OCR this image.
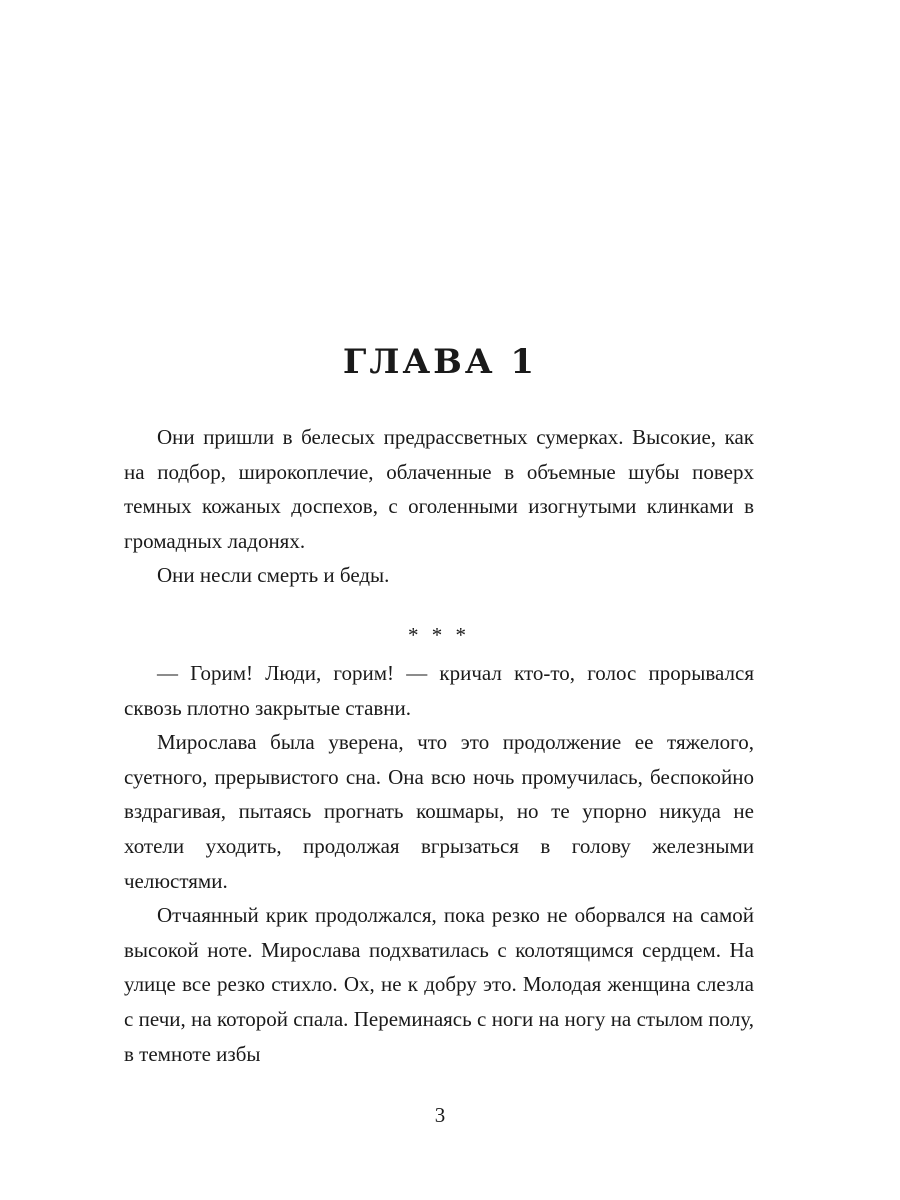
ГЛАВА 1

Они пришли в белесых предрассветных сумерках. Высокие, как на подбор, широкоплечие, облаченные в объемные шубы поверх темных кожаных доспехов, с оголенными изогнутыми клинками в громадных ладонях.

Они несли смерть и беды.

* * *

— Горим! Люди, горим! — кричал кто-то, голос прорывался сквозь плотно закрытые ставни.

Мирослава была уверена, что это продолжение ее тяжелого, суетного, прерывистого сна. Она всю ночь промучилась, беспокойно вздрагивая, пытаясь прогнать кошмары, но те упорно никуда не хотели уходить, продолжая вгрызаться в голову железными челюстями.

Отчаянный крик продолжался, пока резко не оборвался на самой высокой ноте. Мирослава подхватилась с колотящимся сердцем. На улице все резко стихло. Ох, не к добру это. Молодая женщина слезла с печи, на которой спала. Переминаясь с ноги на ногу на стылом полу, в темноте избы

3
